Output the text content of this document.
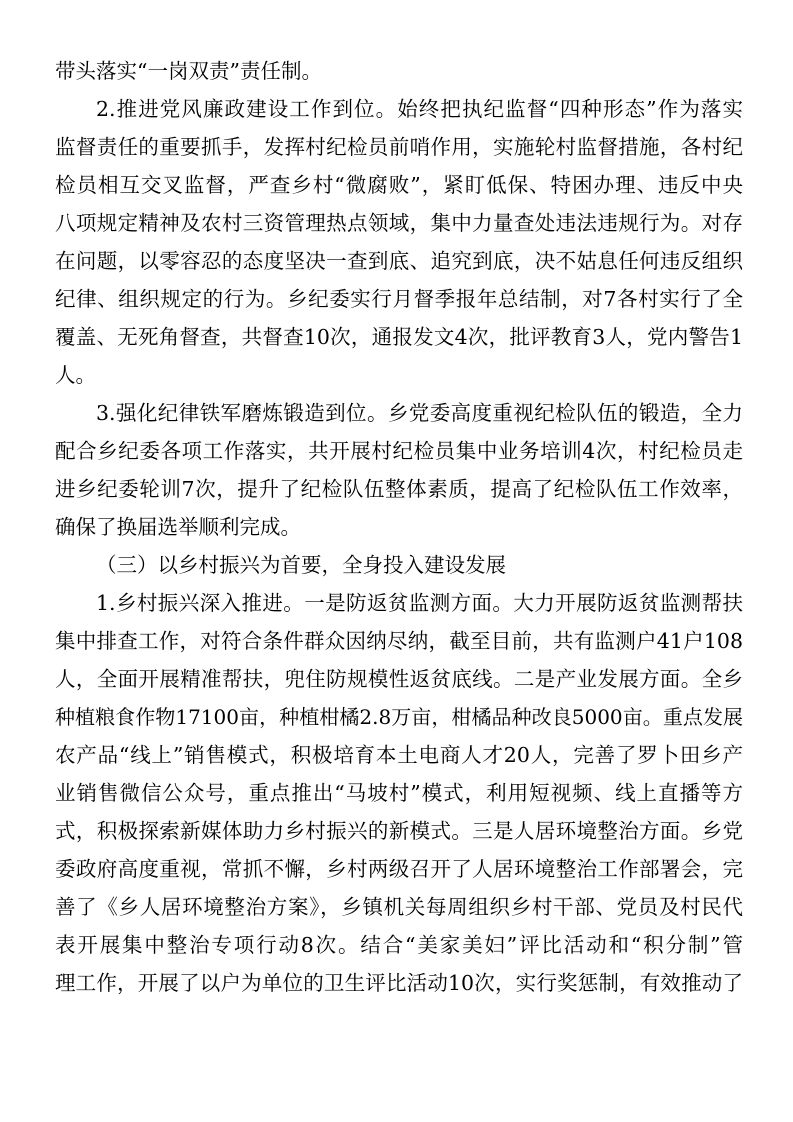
带头落实“一岗双责”责任制。
2.推进党风廉政建设工作到位。始终把执纪监督“四种形态”作为落实
监督责任的重要抓手，发挥村纪检员前哨作用，实施轮村监督措施，各村纪
检员相互交叉监督，严查乡村“微腐败”，紧盯低保、特困办理、违反中央
八项规定精神及农村三资管理热点领域，集中力量查处违法违规行为。对存
在问题，以零容忍的态度坚决一查到底、追究到底，决不姑息任何违反组织
纪律、组织规定的行为。乡纪委实行月督季报年总结制，对7各村实行了全
覆盖、无死角督查，共督查10次，通报发文4次，批评教育3人，党内警告1
人。
3.强化纪律铁军磨炼锻造到位。乡党委高度重视纪检队伍的锻造，全力
配合乡纪委各项工作落实，共开展村纪检员集中业务培训4次，村纪检员走
进乡纪委轮训7次，提升了纪检队伍整体素质，提高了纪检队伍工作效率，
确保了换届选举顺利完成。
（三）以乡村振兴为首要，全身投入建设发展
1.乡村振兴深入推进。一是防返贫监测方面。大力开展防返贫监测帮扶
集中排查工作，对符合条件群众因纳尽纳，截至目前，共有监测户41户108
人，全面开展精准帮扶，兜住防规模性返贫底线。二是产业发展方面。全乡
种植粮食作物17100亩，种植柑橘2.8万亩，柑橘品种改良5000亩。重点发展
农产品“线上”销售模式，积极培育本土电商人才20人，完善了罗卜田乡产
业销售微信公众号，重点推出“马坡村”模式，利用短视频、线上直播等方
式，积极探索新媒体助力乡村振兴的新模式。三是人居环境整治方面。乡党
委政府高度重视，常抓不懈，乡村两级召开了人居环境整治工作部署会，完
善了《乡人居环境整治方案》，乡镇机关每周组织乡村干部、党员及村民代
表开展集中整治专项行动8次。结合“美家美妇”评比活动和“积分制”管
理工作，开展了以户为单位的卫生评比活动10次，实行奖惩制，有效推动了
